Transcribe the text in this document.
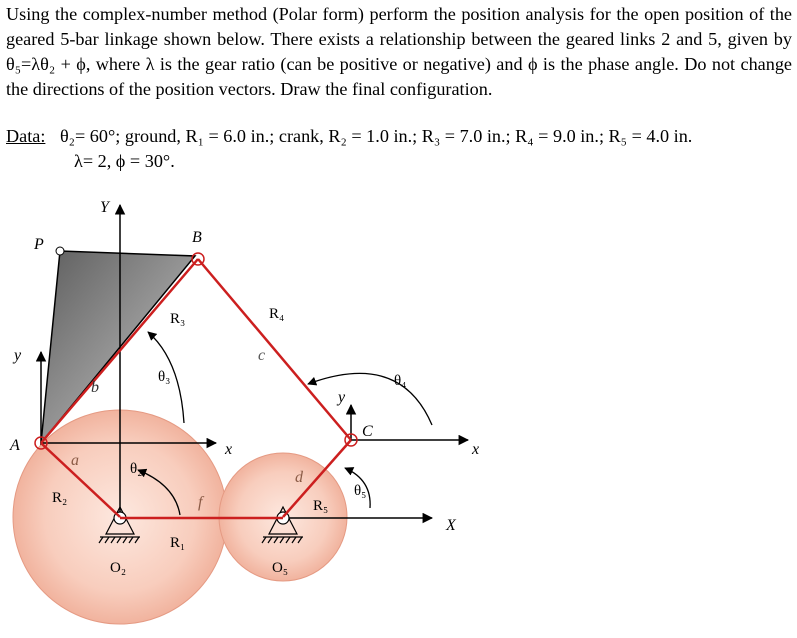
Using the complex-number method (Polar form) perform the position analysis for the open position of the geared 5-bar linkage shown below. There exists a relationship between the geared links 2 and 5, given by θ₅=λθ₂ + ϕ, where λ is the gear ratio (can be positive or negative) and ϕ is the phase angle. Do not change the directions of the position vectors. Draw the final configuration.

Data: θ₂= 60°; ground, R₁ = 6.0 in.; crank, R₂ = 1.0 in.; R₃ = 7.0 in.; R₄ = 9.0 in.; R₅ = 4.0 in.
λ= 2, ϕ = 30°.
Y
P	B
y
A
a
b
c
d
f
R₂
R₃	R₄
R₅
R₁
θ₂
θ₃	θ₄
θ₅
x	x
X
y
C
O₂	O₅
